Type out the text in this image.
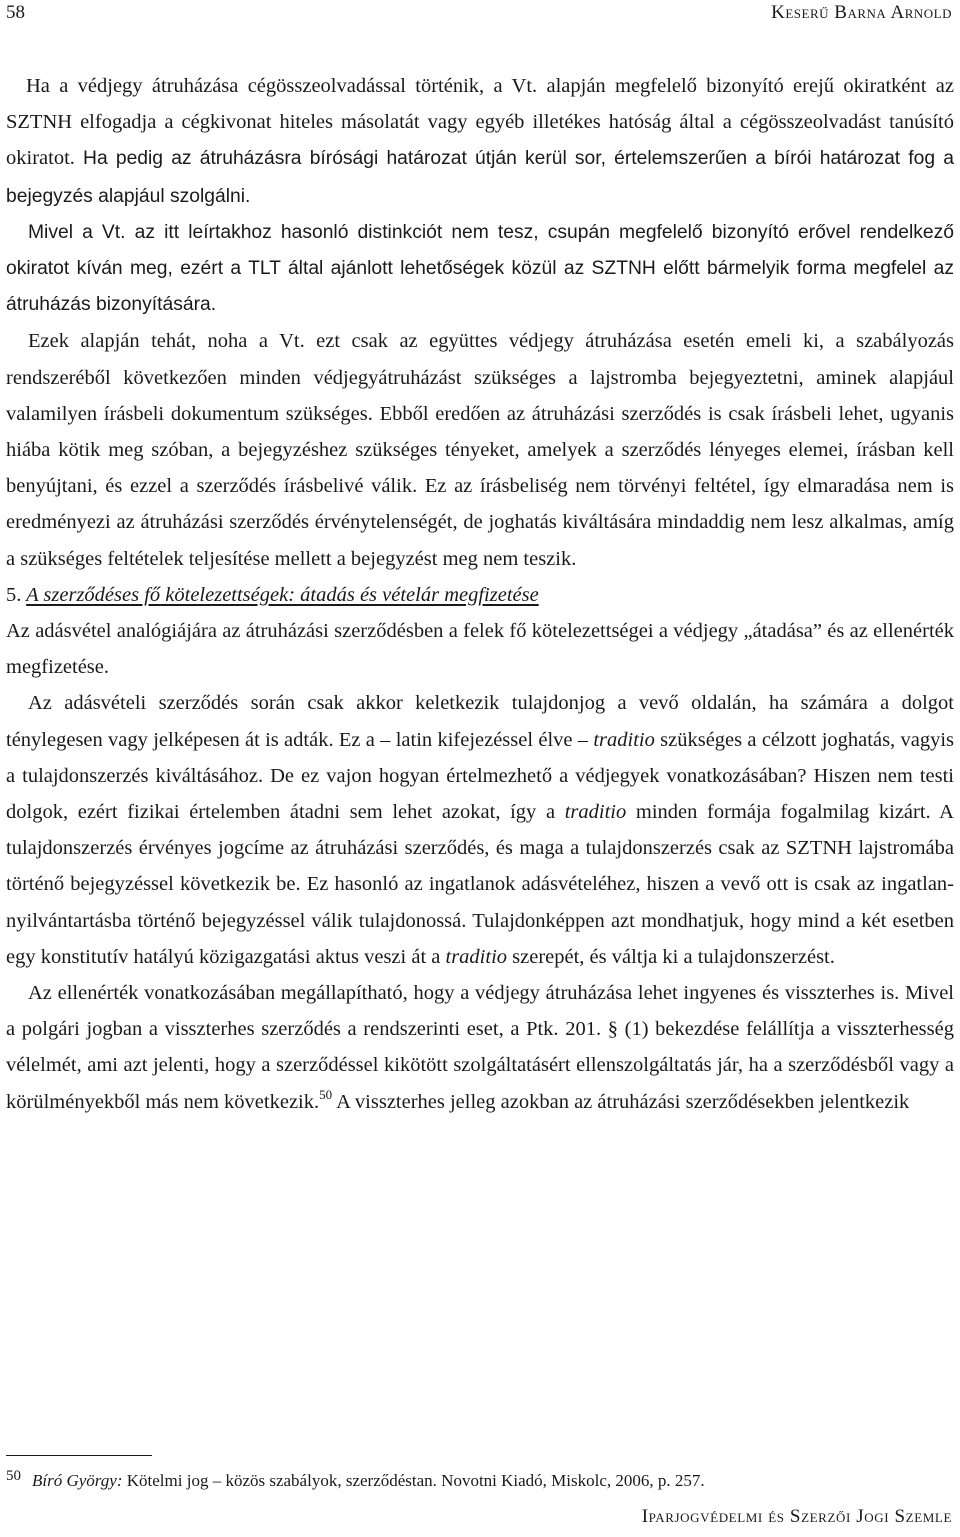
58	Keserű Barna Arnold

Ha a védjegy átruházása cégösszeolvadással történik, a Vt. alapján megfelelő bizonyító erejű okiratként az SZTNH elfogadja a cégkivonat hiteles másolatát vagy egyéb illetékes hatóság által a cégösszeolvadást tanúsító okiratot. Ha pedig az átruházásra bírósági határozat útján kerül sor, értelemszerűen a bírói határozat fog a bejegyzés alapjául szolgálni.

Mivel a Vt. az itt leírtakhoz hasonló distinkciót nem tesz, csupán megfelelő bizonyító erővel rendelkező okiratot kíván meg, ezért a TLT által ajánlott lehetőségek közül az SZTNH előtt bármelyik forma megfelel az átruházás bizonyítására.

Ezek alapján tehát, noha a Vt. ezt csak az együttes védjegy átruházása esetén emeli ki, a szabályozás rendszeréből következően minden védjegyátruházást szükséges a lajstromba bejegyeztetni, aminek alapjául valamilyen írásbeli dokumentum szükséges. Ebből eredően az átruházási szerződés is csak írásbeli lehet, ugyanis hiába kötik meg szóban, a bejegyzéshez szükséges tényeket, amelyek a szerződés lényeges elemei, írásban kell benyújtani, és ezzel a szerződés írásbelivé válik. Ez az írásbeliség nem törvényi feltétel, így elmaradása nem is eredményezi az átruházási szerződés érvénytelenségét, de joghatás kiváltására mindaddig nem lesz alkalmas, amíg a szükséges feltételek teljesítése mellett a bejegyzést meg nem teszik.

5. A szerződéses fő kötelezettségek: átadás és vételár megfizetése

Az adásvétel analógiájára az átruházási szerződésben a felek fő kötelezettségei a védjegy „átadása” és az ellenérték megfizetése.

Az adásvételi szerződés során csak akkor keletkezik tulajdonjog a vevő oldalán, ha számára a dolgot ténylegesen vagy jelképesen át is adták. Ez a – latin kifejezéssel élve – traditio szükséges a célzott joghatás, vagyis a tulajdonszerzés kiváltásához. De ez vajon hogyan értelmezhető a védjegyek vonatkozásában? Hiszen nem testi dolgok, ezért fizikai értelemben átadni sem lehet azokat, így a traditio minden formája fogalmilag kizárt. A tulajdonszerzés érvényes jogcíme az átruházási szerződés, és maga a tulajdonszerzés csak az SZTNH lajstromába történő bejegyzéssel következik be. Ez hasonló az ingatlanok adásvételéhez, hiszen a vevő ott is csak az ingatlan-nyilvántartásba történő bejegyzéssel válik tulajdonossá. Tulajdonképpen azt mondhatjuk, hogy mind a két esetben egy konstitutív hatályú közigazgatási aktus veszi át a traditio szerepét, és váltja ki a tulajdonszerzést.

Az ellenérték vonatkozásában megállapítható, hogy a védjegy átruházása lehet ingyenes és visszterhes is. Mivel a polgári jogban a visszterhes szerződés a rendszerinti eset, a Ptk. 201. § (1) bekezdése felállítja a visszterhesség vélelmét, ami azt jelenti, hogy a szerződéssel kikötött szolgáltatásért ellenszolgáltatás jár, ha a szerződésből vagy a körülményekből más nem következik.$^{50}$ A visszterhes jelleg azokban az átruházási szerződésekben jelentkezik

50 Bíró György: Kötelmi jog – közös szabályok, szerződéstan. Novotni Kiadó, Miskolc, 2006, p. 257.
Iparjogvédelmi és Szerzői Jogi Szemle
